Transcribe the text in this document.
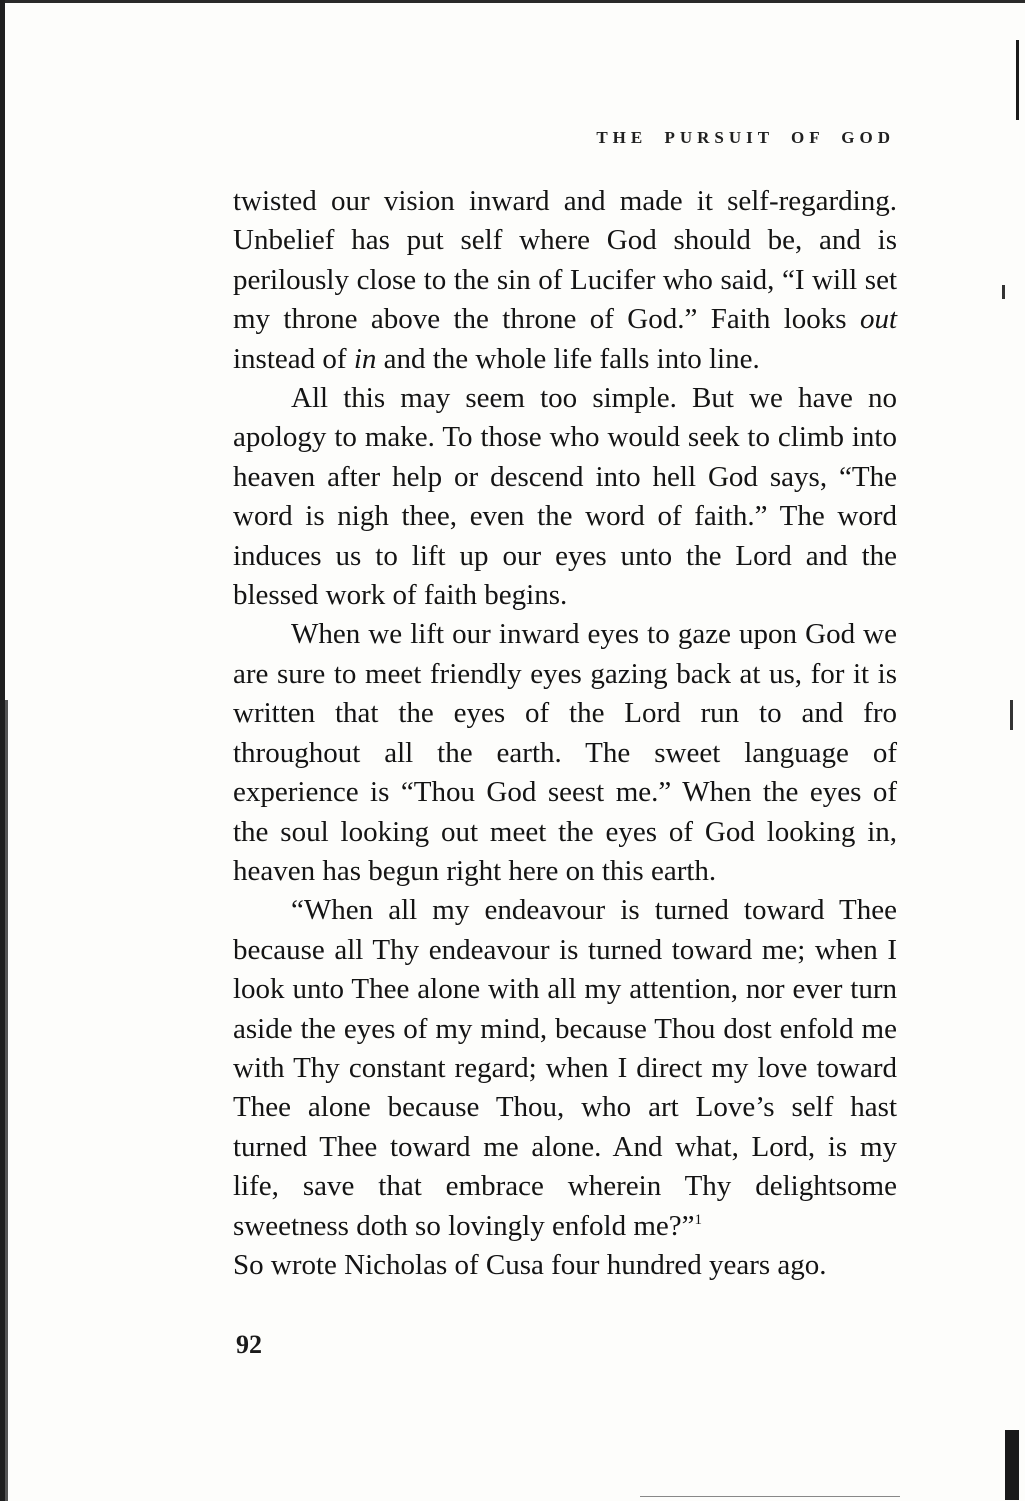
THE PURSUIT OF GOD

twisted our vision inward and made it self-regarding. Unbelief has put self where God should be, and is perilously close to the sin of Lucifer who said, “I will set my throne above the throne of God.” Faith looks out instead of in and the whole life falls into line.

All this may seem too simple. But we have no apology to make. To those who would seek to climb into heaven after help or descend into hell God says, “The word is nigh thee, even the word of faith.” The word induces us to lift up our eyes unto the Lord and the blessed work of faith begins.

When we lift our inward eyes to gaze upon God we are sure to meet friendly eyes gazing back at us, for it is written that the eyes of the Lord run to and fro throughout all the earth. The sweet language of experience is “Thou God seest me.” When the eyes of the soul looking out meet the eyes of God looking in, heaven has begun right here on this earth.

“When all my endeavour is turned toward Thee because all Thy endeavour is turned toward me; when I look unto Thee alone with all my attention, nor ever turn aside the eyes of my mind, because Thou dost enfold me with Thy constant regard; when I direct my love toward Thee alone because Thou, who art Love’s self hast turned Thee toward me alone. And what, Lord, is my life, save that embrace wherein Thy delightsome sweetness doth so lovingly enfold me?”$^1$
So wrote Nicholas of Cusa four hundred years ago.

92
